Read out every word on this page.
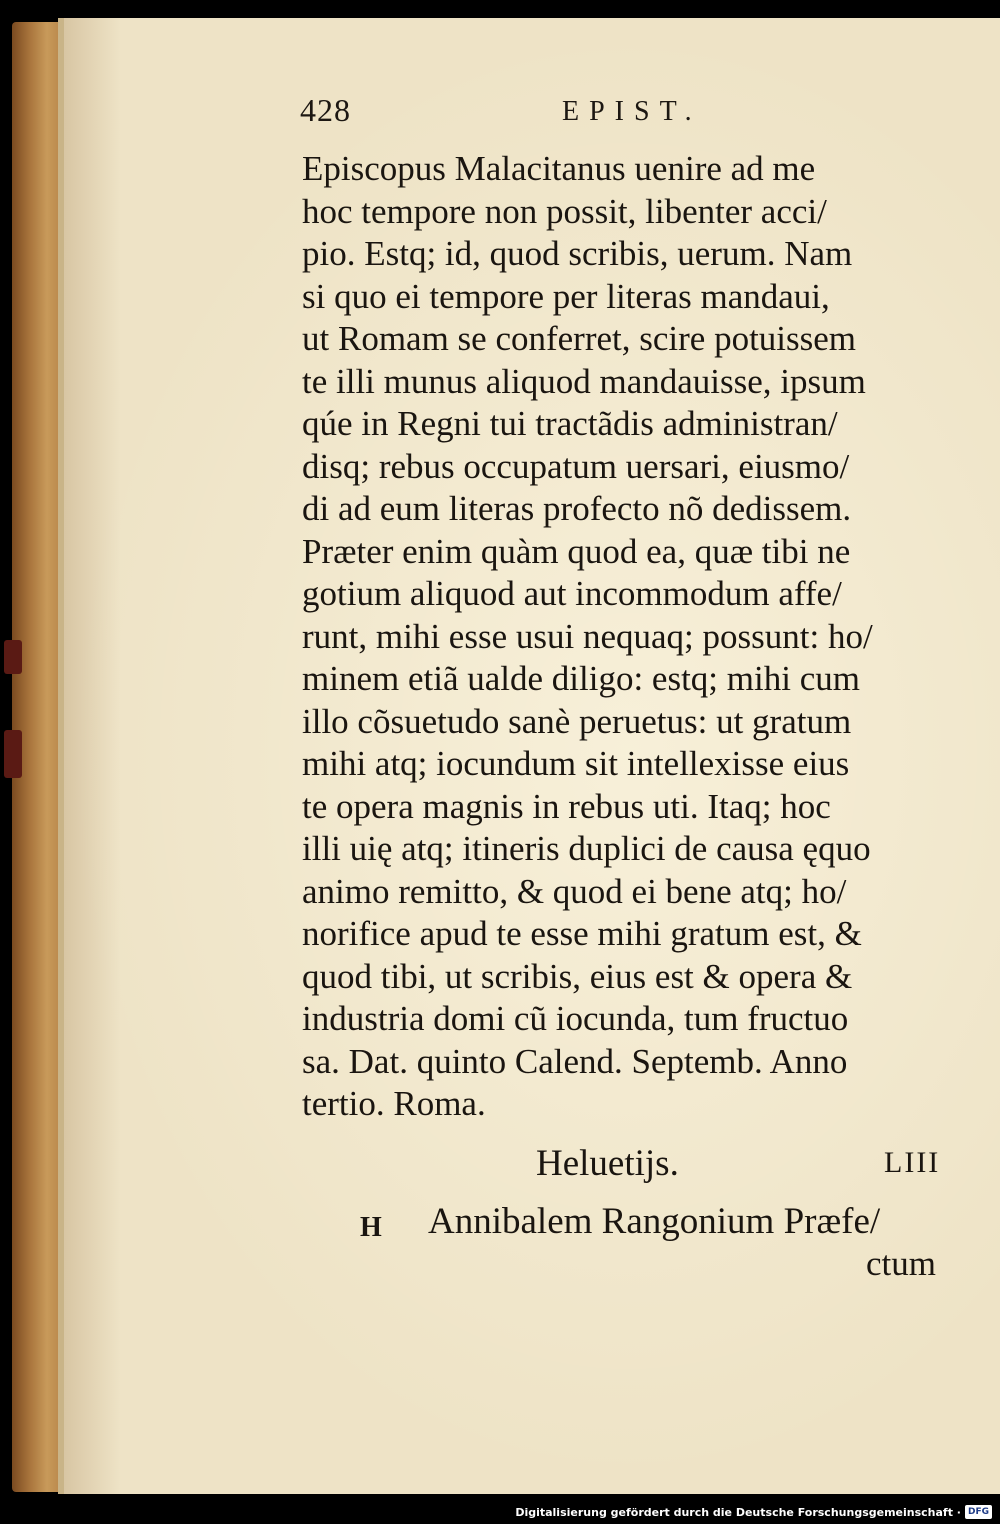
428	EPIST.
Episcopus Malacitanus uenire ad me
hoc tempore non possit, libenter acci/
pio. Estq; id, quod scribis, uerum. Nam
si quo ei tempore per literas mandaui,
ut Romam se conferret, scire potuissem
te illi munus aliquod mandauisse, ipsum
qúe in Regni tui tractãdis administran/
disq; rebus occupatum uersari, eiusmo/
di ad eum literas profecto nõ dedissem.
Præter enim quàm quod ea, quæ tibi ne
gotium aliquod aut incommodum affe/
runt, mihi esse usui nequaq; possunt: ho/
minem etiã ualde diligo: estq; mihi cum
illo cõsuetudo sanè peruetus: ut gratum
mihi atq; iocundum sit intellexisse eius
te opera magnis in rebus uti. Itaq; hoc
illi uię atq; itineris duplici de causa ęquo
animo remitto, & quod ei bene atq; ho/
norifice apud te esse mihi gratum est, &
quod tibi, ut scribis, eius est & opera &
industria domi cũ iocunda, tum fructuo
sa. Dat. quinto Calend. Septemb. Anno
tertio. Roma.
Heluetijs.	LIII
H Annibalem Rangonium Præfe/
ctum
Digitalisierung gefördert durch die Deutsche Forschungsgemeinschaft · DFG
